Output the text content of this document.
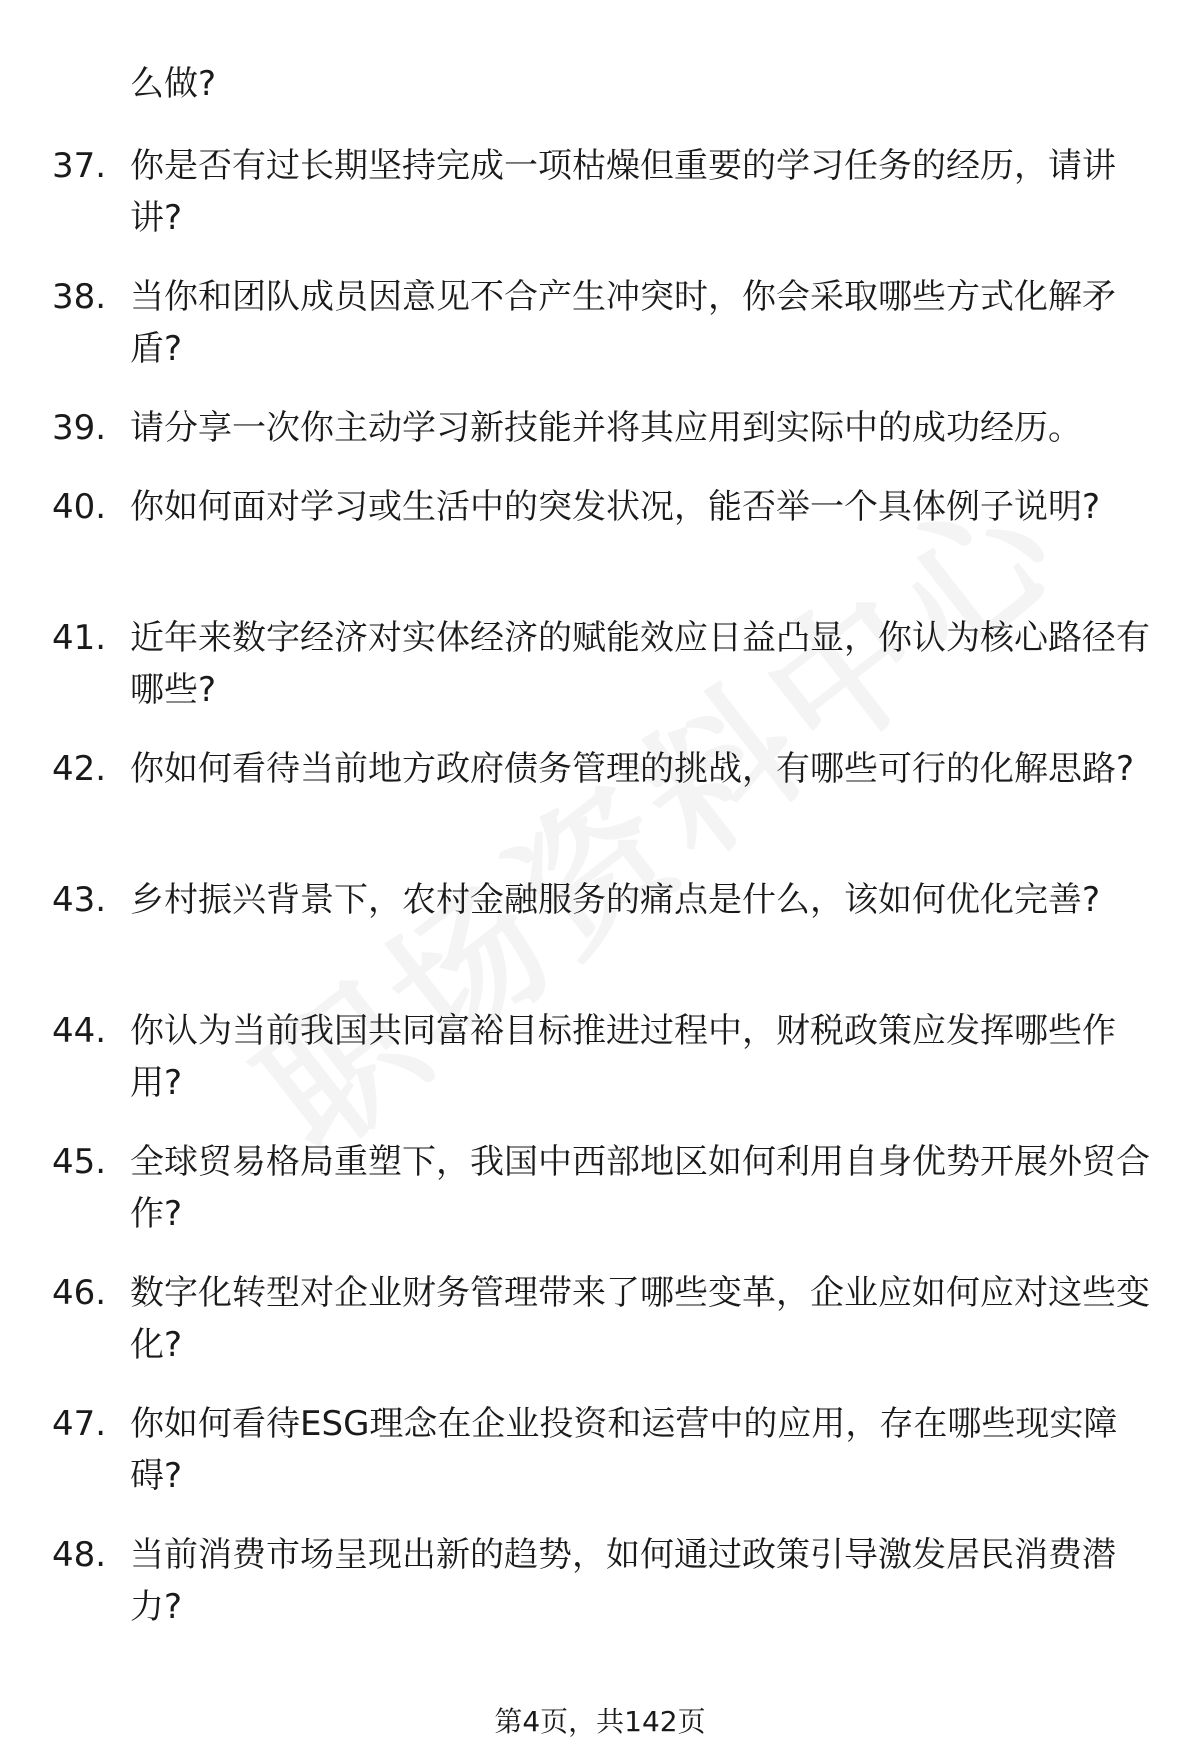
么做?
37. 你是否有过长期坚持完成一项枯燥但重要的学习任务的经历，请讲讲?
38. 当你和团队成员因意见不合产生冲突时，你会采取哪些方式化解矛盾?
39. 请分享一次你主动学习新技能并将其应用到实际中的成功经历。
40. 你如何面对学习或生活中的突发状况，能否举一个具体例子说明?
41. 近年来数字经济对实体经济的赋能效应日益凸显，你认为核心路径有哪些?
42. 你如何看待当前地方政府债务管理的挑战，有哪些可行的化解思路?
43. 乡村振兴背景下，农村金融服务的痛点是什么，该如何优化完善?
44. 你认为当前我国共同富裕目标推进过程中，财税政策应发挥哪些作用?
45. 全球贸易格局重塑下，我国中西部地区如何利用自身优势开展外贸合作?
46. 数字化转型对企业财务管理带来了哪些变革，企业应如何应对这些变化?
47. 你如何看待ESG理念在企业投资和运营中的应用，存在哪些现实障碍?
48. 当前消费市场呈现出新的趋势，如何通过政策引导激发居民消费潜力?
第4页，共142页
